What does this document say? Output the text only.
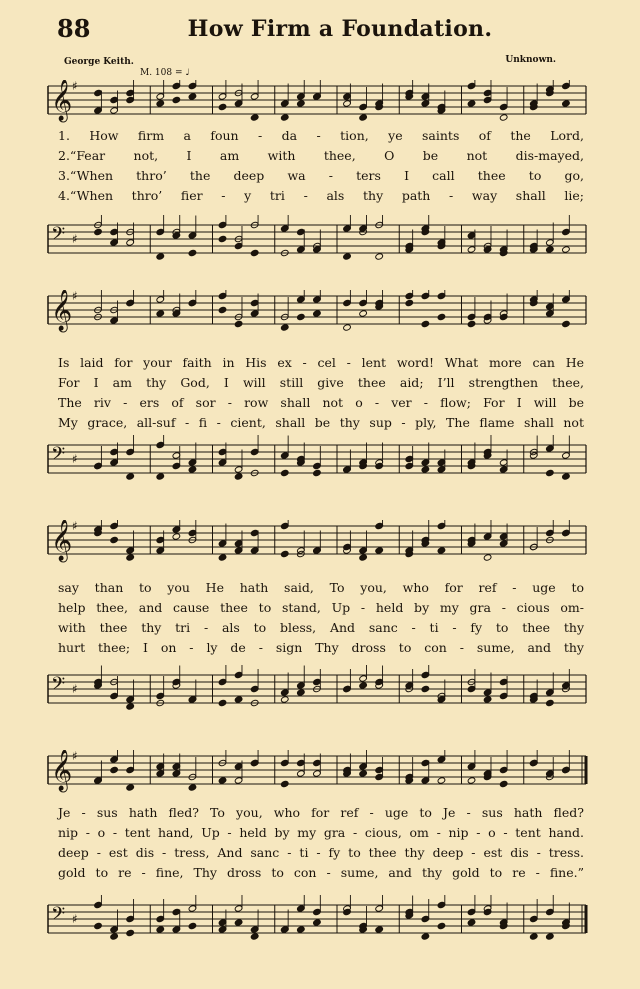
88	How Firm a Foundation.
George Keith.	Unknown.
M. 108 = ♩
𝄞 ♯
1. How firm a foun - da - tion, ye saints of the Lord,
2.“Fear not, I am with thee, O be not dis-mayed,
3.“When thro’ the deep wa - ters I call thee to go,
4.“When thro’ fier - y tri - als thy path - way shall lie;
𝄢 ♯
𝄞 ♯
Is laid for your faith in His ex - cel - lent word! What more can He
For I am thy God, I will still give thee aid; I’ll strengthen thee,
The riv - ers of sor - row shall not o - ver - flow; For I will be
My grace, all-suf - fi - cient, shall be thy sup - ply, The flame shall not
𝄢 ♯
𝄞 ♯
say than to you He hath said, To you, who for ref - uge to
help thee, and cause thee to stand, Up - held by my gra - cious om-
with thee thy tri - als to bless, And sanc - ti - fy to thee thy
hurt thee; I on - ly de - sign Thy dross to con - sume, and thy
𝄢 ♯
𝄞 ♯
Je - sus hath fled? To you, who for ref - uge to Je - sus hath fled?
nip - o - tent hand, Up - held by my gra - cious, om - nip - o - tent hand.
deep - est dis - tress, And sanc - ti - fy to thee thy deep - est dis - tress.
gold to re - fine, Thy dross to con - sume, and thy gold to re - fine.”
𝄢 ♯
